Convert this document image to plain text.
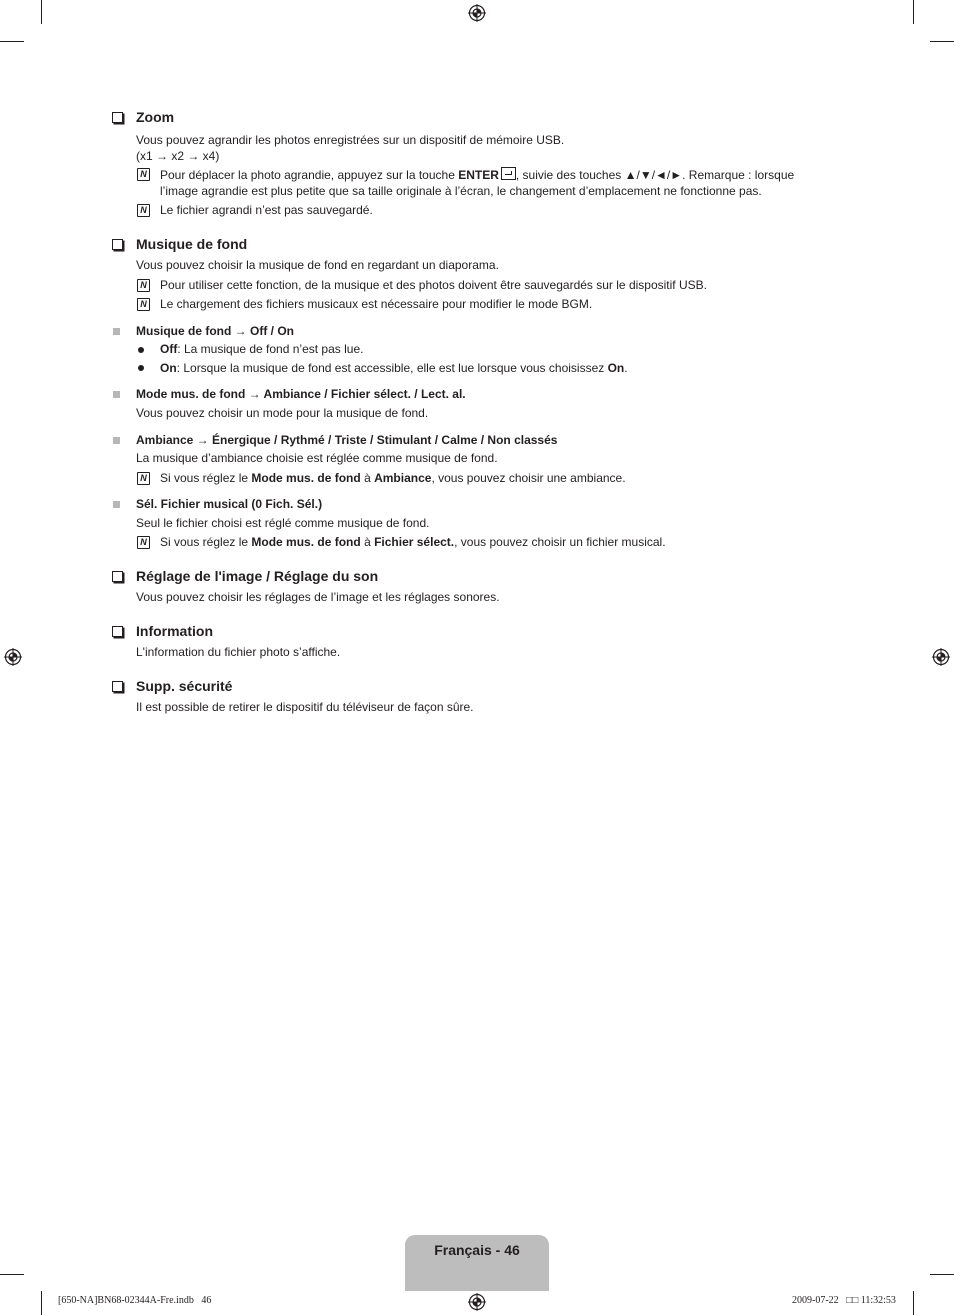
Zoom
Vous pouvez agrandir les photos enregistrées sur un dispositif de mémoire USB.
(x1 → x2 → x4)
N Pour déplacer la photo agrandie, appuyez sur la touche ENTER , suivie des touches ▲/▼/◄/►. Remarque : lorsque
l’image agrandie est plus petite que sa taille originale à l’écran, le changement d’emplacement ne fonctionne pas.
N Le fichier agrandi n’est pas sauvegardé.
Musique de fond
Vous pouvez choisir la musique de fond en regardant un diaporama.
N Pour utiliser cette fonction, de la musique et des photos doivent être sauvegardés sur le dispositif USB.
N Le chargement des fichiers musicaux est nécessaire pour modifier le mode BGM.
Musique de fond → Off / On
Off: La musique de fond n’est pas lue.
On: Lorsque la musique de fond est accessible, elle est lue lorsque vous choisissez On.
Mode mus. de fond → Ambiance / Fichier sélect. / Lect. al.
Vous pouvez choisir un mode pour la musique de fond.
Ambiance → Énergique / Rythmé / Triste / Stimulant / Calme / Non classés
La musique d’ambiance choisie est réglée comme musique de fond.
N Si vous réglez le Mode mus. de fond à Ambiance, vous pouvez choisir une ambiance.
Sél. Fichier musical (0 Fich. Sél.)
Seul le fichier choisi est réglé comme musique de fond.
N Si vous réglez le Mode mus. de fond à Fichier sélect., vous pouvez choisir un fichier musical.
Réglage de l'image / Réglage du son
Vous pouvez choisir les réglages de l’image et les réglages sonores.
Information
L'information du fichier photo s’affiche.
Supp. sécurité
Il est possible de retirer le dispositif du téléviseur de façon sûre.
Français - 46
[650-NA]BN68-02344A-Fre.indb   46	2009-07-22   □□ 11:32:53
